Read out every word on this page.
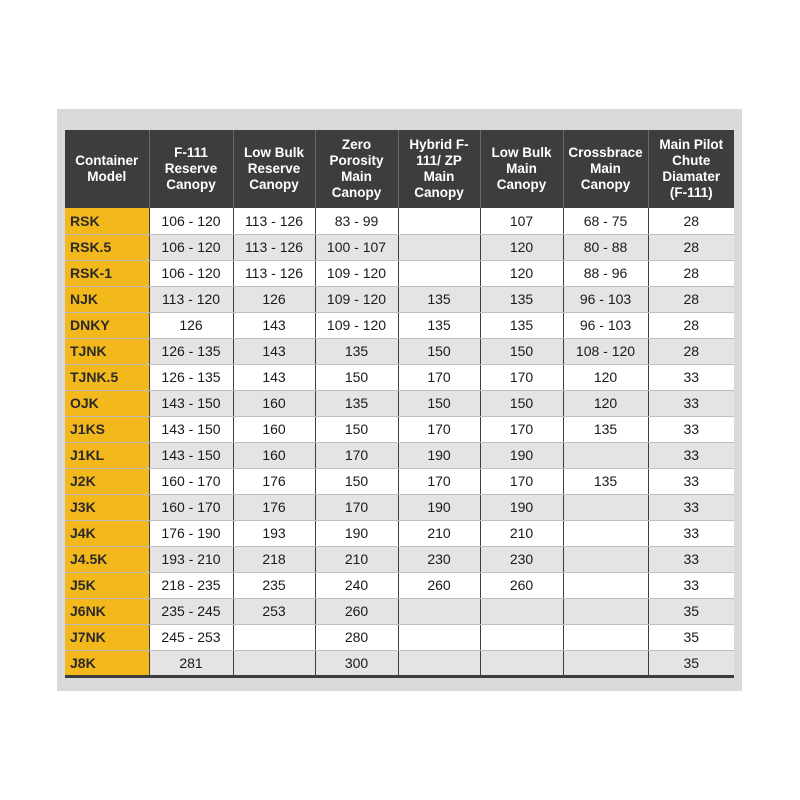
Container
Model	F-111
Reserve
Canopy	Low Bulk
Reserve
Canopy	Zero
Porosity
Main
Canopy	Hybrid F-
111/ ZP
Main
Canopy	Low Bulk
Main
Canopy	Crossbrace
Main
Canopy	Main Pilot
Chute
Diamater
(F-111)
RSK	106 - 120	113 - 126	83 - 99		107	68 - 75	28
RSK.5	106 - 120	113 - 126	100 - 107		120	80 - 88	28
RSK-1	106 - 120	113 - 126	109 - 120		120	88 - 96	28
NJK	113 - 120	126	109 - 120	135	135	96 - 103	28
DNKY	126	143	109 - 120	135	135	96 - 103	28
TJNK	126 - 135	143	135	150	150	108 - 120	28
TJNK.5	126 - 135	143	150	170	170	120	33
OJK	143 - 150	160	135	150	150	120	33
J1KS	143 - 150	160	150	170	170	135	33
J1KL	143 - 150	160	170	190	190		33
J2K	160 - 170	176	150	170	170	135	33
J3K	160 - 170	176	170	190	190		33
J4K	176 - 190	193	190	210	210		33
J4.5K	193 - 210	218	210	230	230		33
J5K	218 - 235	235	240	260	260		33
J6NK	235 - 245	253	260				35
J7NK	245 - 253		280				35
J8K	281		300				35
